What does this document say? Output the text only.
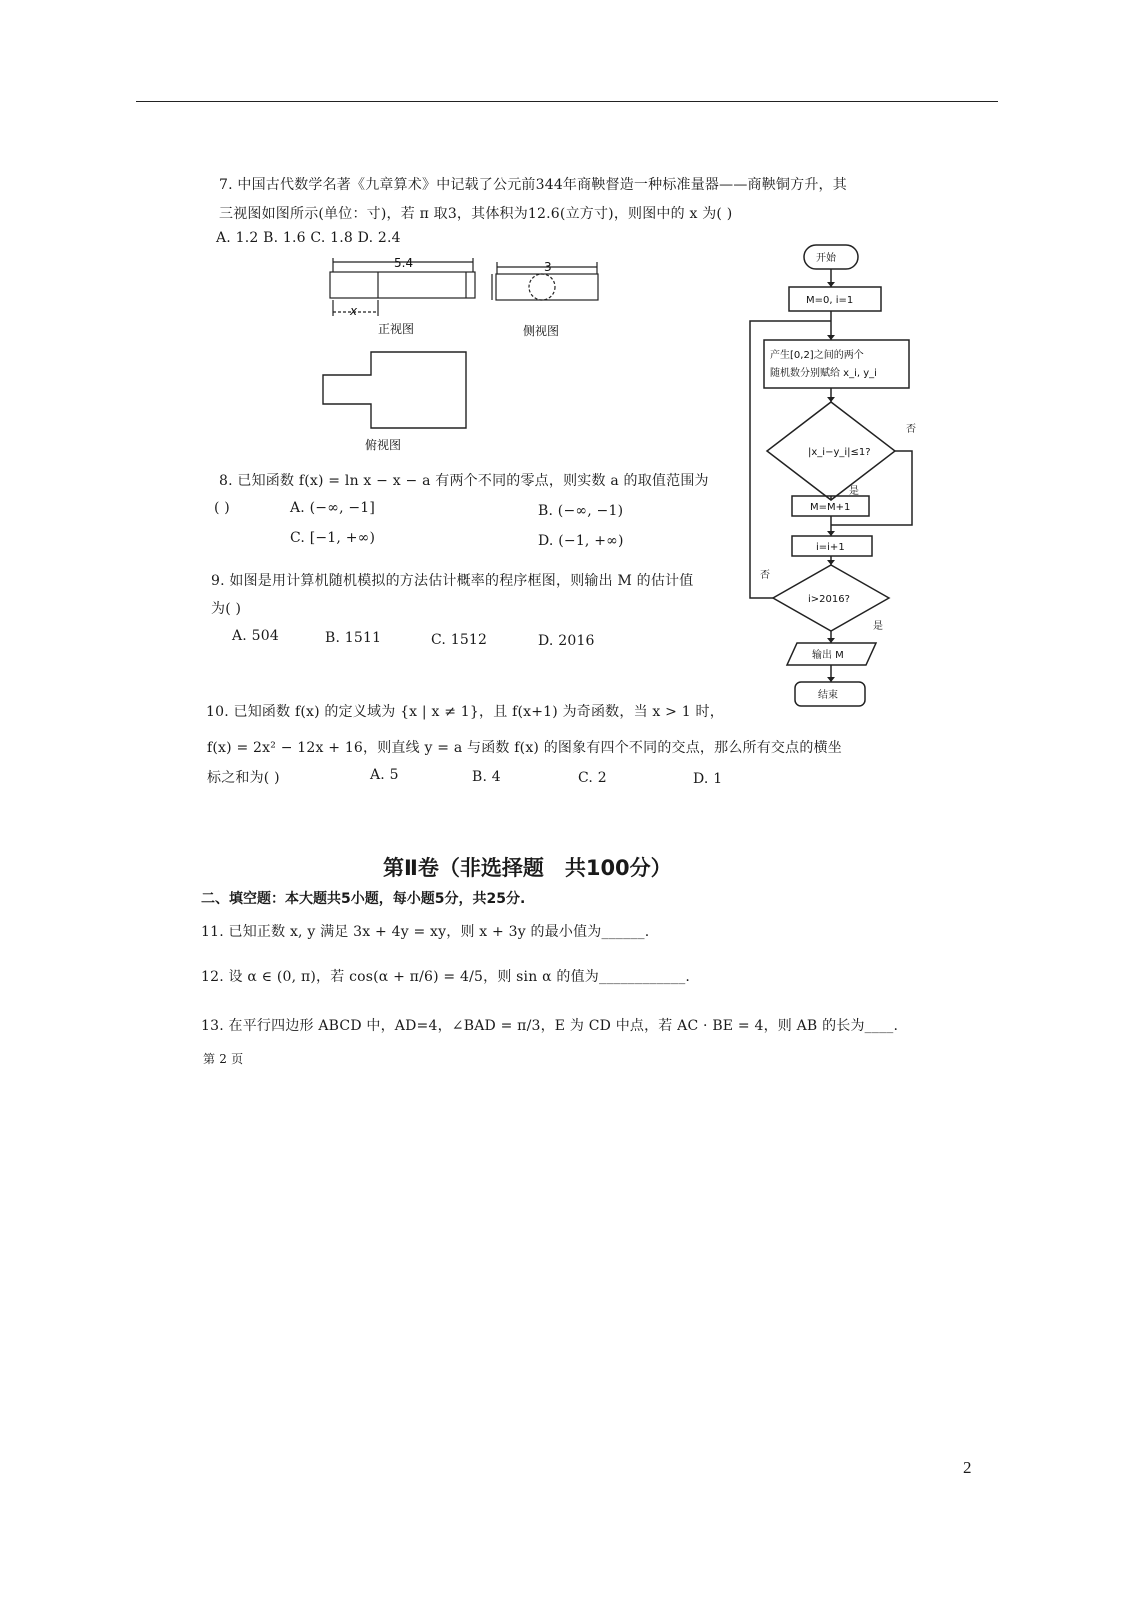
7. 中国古代数学名著《九章算术》中记载了公元前344年商鞅督造一种标准量器——商鞅铜方升，其
三视图如图所示(单位：寸)，若 π 取3，其体积为12.6(立方寸)，则图中的 x 为( )
A. 1.2 B. 1.6 C. 1.8 D. 2.4
5.4
x
正视图
3
侧视图
俯视图
8. 已知函数 f(x) = ln x − x − a 有两个不同的零点，则实数 a 的取值范围为
( )	A. (−∞, −1]	B. (−∞, −1)
C. [−1, +∞)	D. (−1, +∞)
9. 如图是用计算机随机模拟的方法估计概率的程序框图，则输出 M 的估计值
为( )
A. 504	B. 1511	C. 1512	D. 2016
开始
M=0, i=1
产生[0,2]之间的两个
随机数分别赋给 x_i, y_i
|x_i−y_i|≤1?
否
是
M=M+1
i=i+1
i>2016?
否
是
输出 M
结束
10. 已知函数 f(x) 的定义域为 {x | x ≠ 1}，且 f(x+1) 为奇函数，当 x > 1 时，
f(x) = 2x² − 12x + 16，则直线 y = a 与函数 f(x) 的图象有四个不同的交点，那么所有交点的横坐
标之和为( )	A. 5	B. 4	C. 2	D. 1
第Ⅱ卷（非选择题　共100分）
二、填空题：本大题共5小题，每小题5分，共25分.
11. 已知正数 x, y 满足 3x + 4y = xy，则 x + 3y 的最小值为______.
12. 设 α ∈ (0, π)，若 cos(α + π/6) = 4/5，则 sin α 的值为____________.
13. 在平行四边形 ABCD 中，AD=4，∠BAD = π/3，E 为 CD 中点，若 AC · BE = 4，则 AB 的长为____.
第 2 页
2
